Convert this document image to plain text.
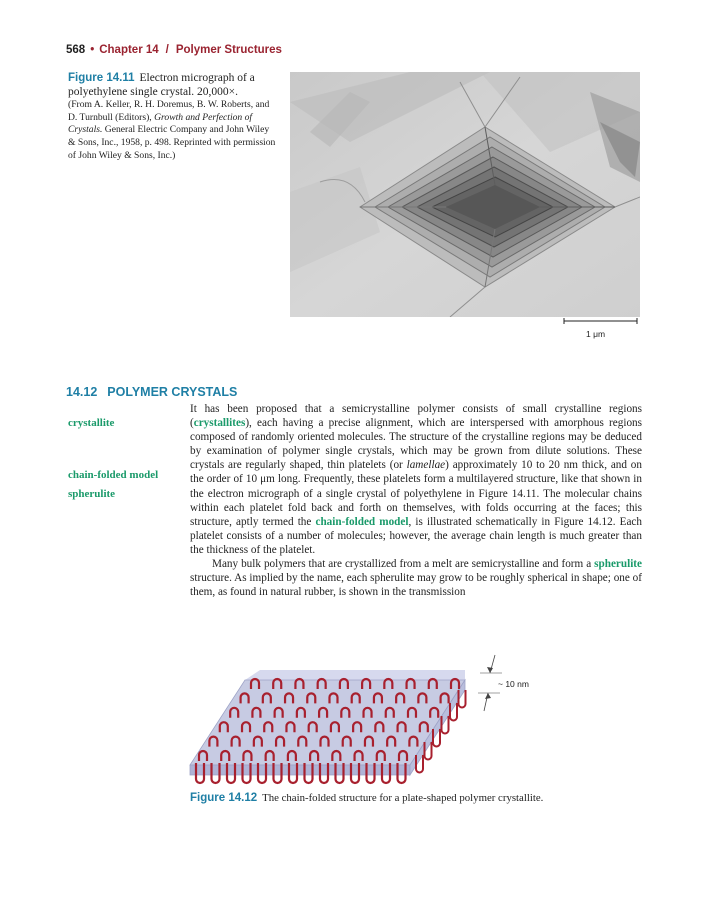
568 • Chapter 14 / Polymer Structures
Figure 14.11 Electron micrograph of a polyethylene single crystal. 20,000×.
(From A. Keller, R. H. Doremus, B. W. Roberts, and D. Turnbull (Editors), Growth and Perfection of Crystals. General Electric Company and John Wiley & Sons, Inc., 1958, p. 498. Reprinted with permission of John Wiley & Sons, Inc.)
1 μm
14.12 POLYMER CRYSTALS
crystallite
chain-folded model
spherulite

It has been proposed that a semicrystalline polymer consists of small crystalline regions (crystallites), each having a precise alignment, which are interspersed with amorphous regions composed of randomly oriented molecules. The structure of the crystalline regions may be deduced by examination of polymer single crystals, which may be grown from dilute solutions. These crystals are regularly shaped, thin platelets (or lamellae) approximately 10 to 20 nm thick, and on the order of 10 μm long. Frequently, these platelets form a multilayered structure, like that shown in the electron micrograph of a single crystal of polyethylene in Figure 14.11. The molecular chains within each platelet fold back and forth on themselves, with folds occurring at the faces; this structure, aptly termed the chain-folded model, is illustrated schematically in Figure 14.12. Each platelet consists of a number of molecules; however, the average chain length is much greater than the thickness of the platelet.

Many bulk polymers that are crystallized from a melt are semicrystalline and form a spherulite structure. As implied by the name, each spherulite may grow to be roughly spherical in shape; one of them, as found in natural rubber, is shown in the transmission

~ 10 nm
Figure 14.12 The chain-folded structure for a plate-shaped polymer crystallite.
